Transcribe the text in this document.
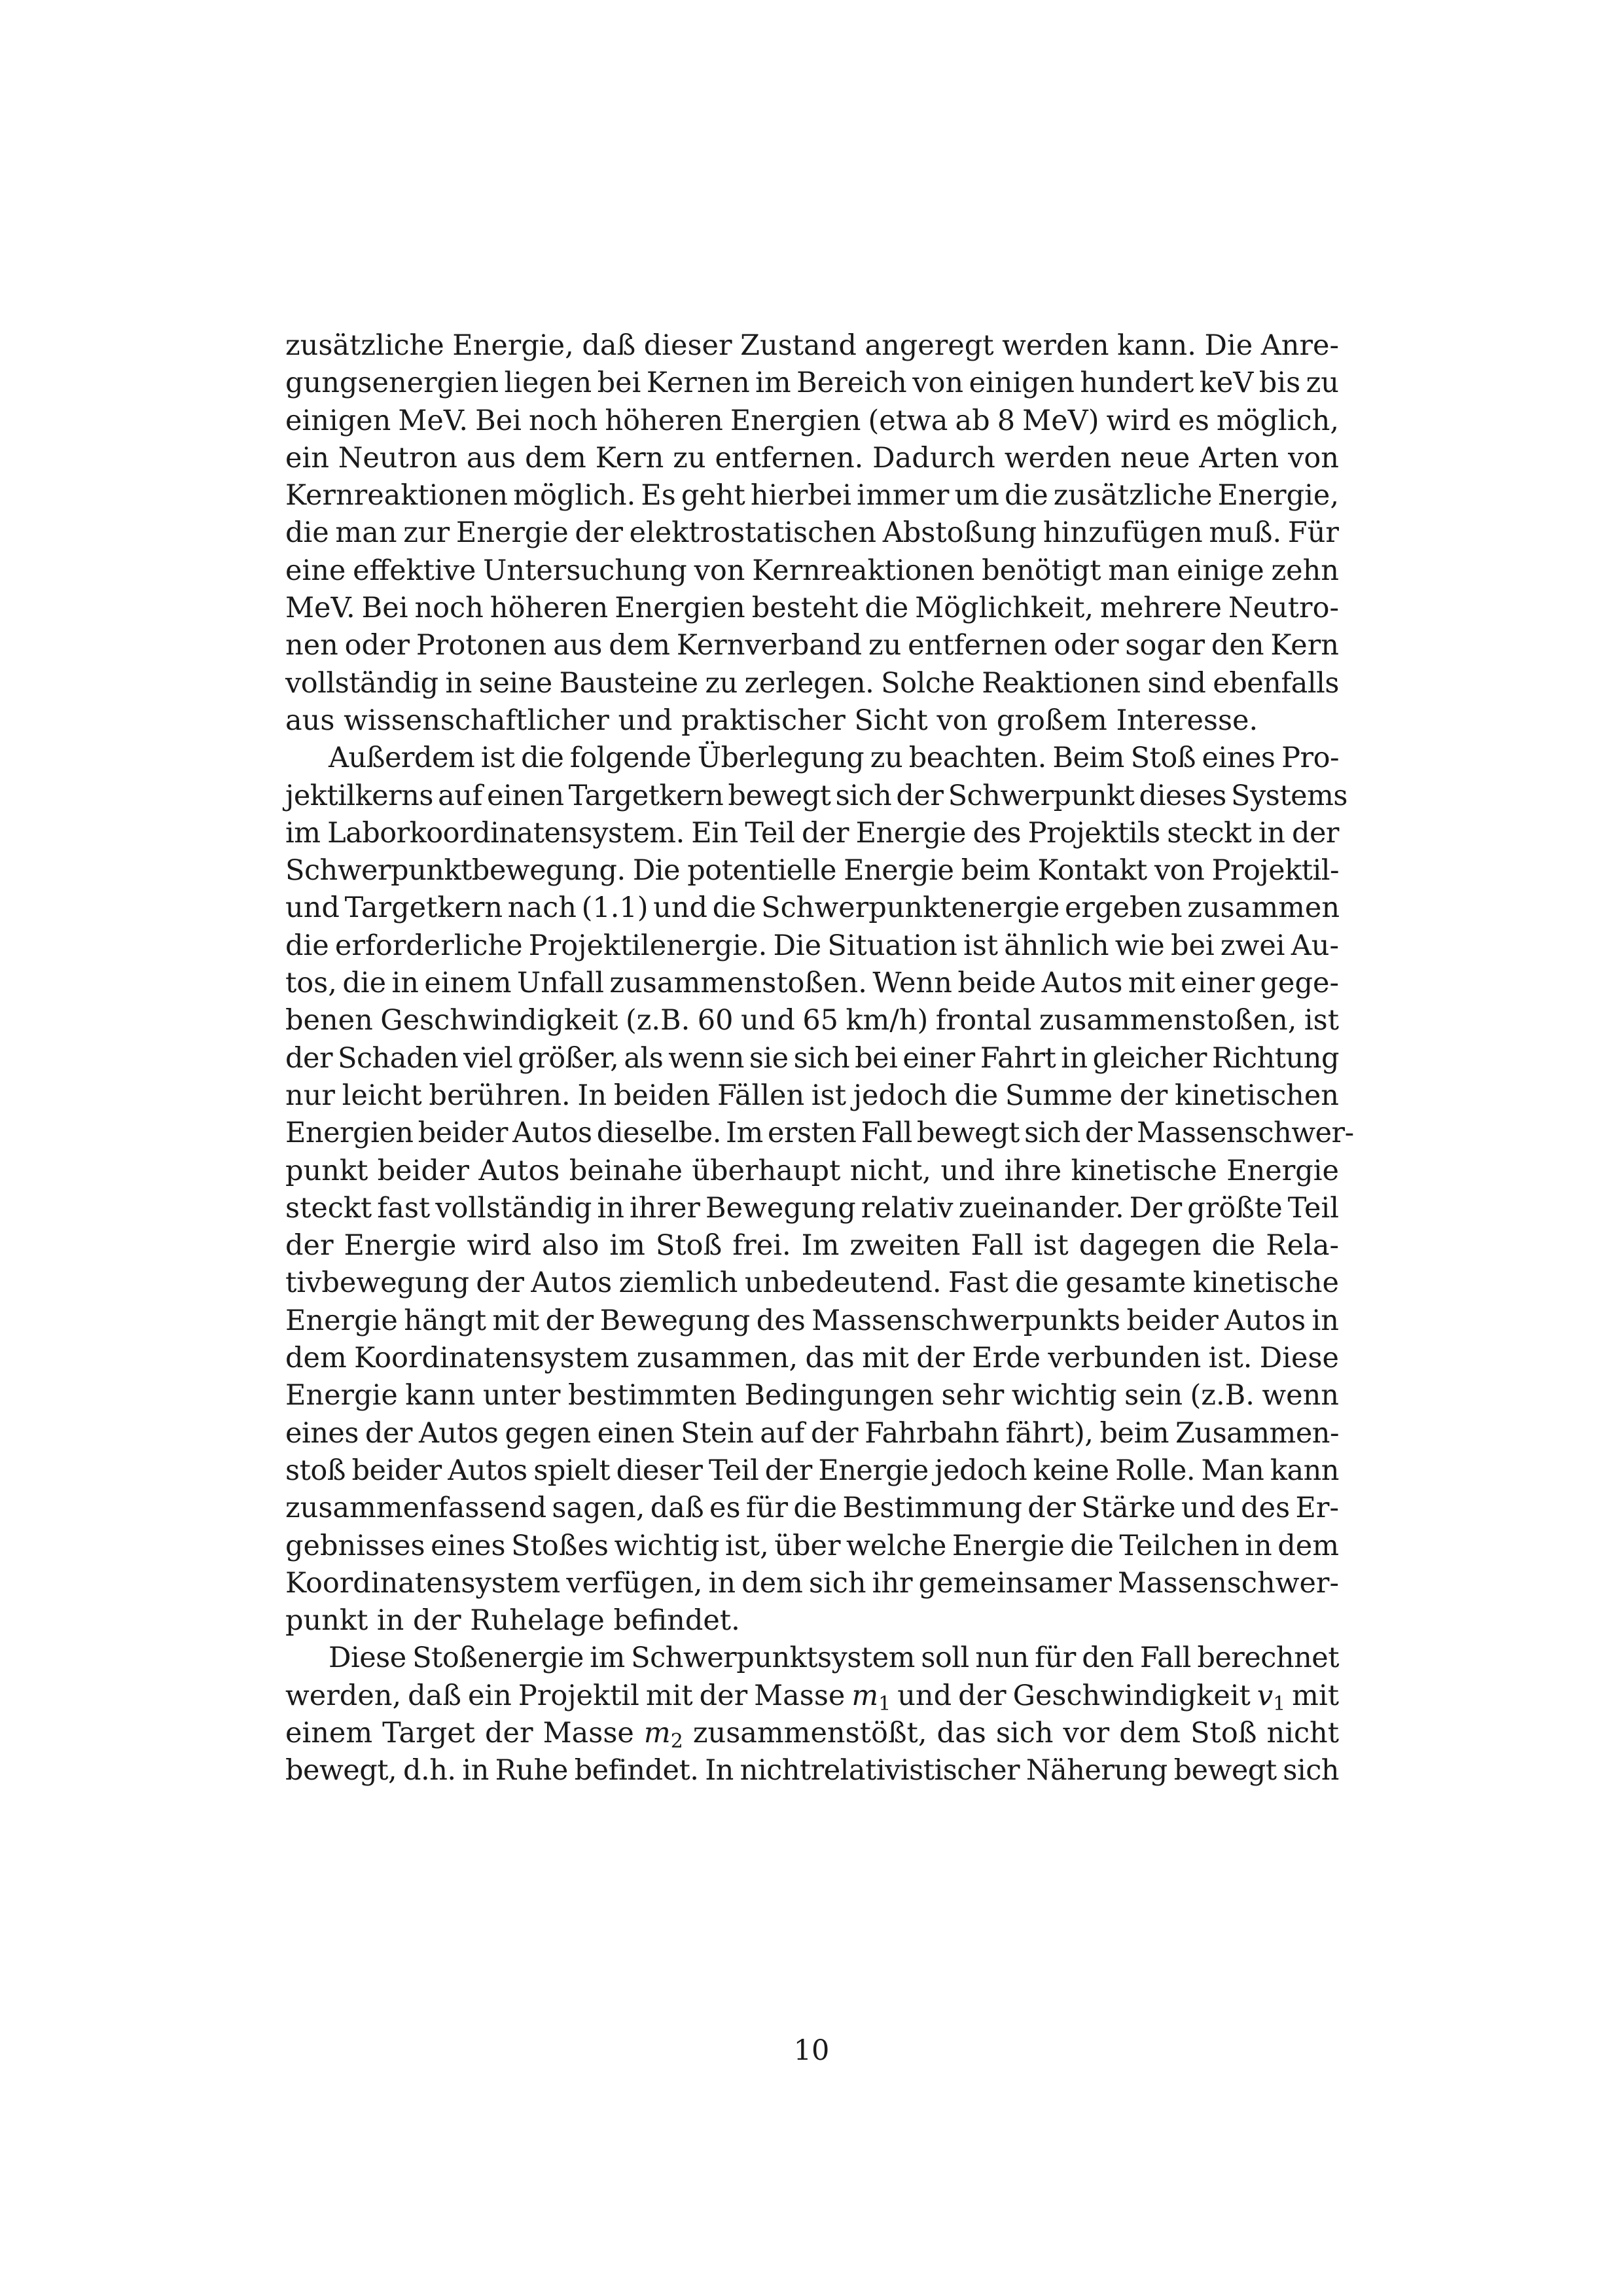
zusätzliche Energie, daß dieser Zustand angeregt werden kann. Die Anre-
gungsenergien liegen bei Kernen im Bereich von einigen hundert keV bis zu
einigen MeV. Bei noch höheren Energien (etwa ab 8 MeV) wird es möglich,
ein Neutron aus dem Kern zu entfernen. Dadurch werden neue Arten von
Kernreaktionen möglich. Es geht hierbei immer um die zusätzliche Energie,
die man zur Energie der elektrostatischen Abstoßung hinzufügen muß. Für
eine effektive Untersuchung von Kernreaktionen benötigt man einige zehn
MeV. Bei noch höheren Energien besteht die Möglichkeit, mehrere Neutro-
nen oder Protonen aus dem Kernverband zu entfernen oder sogar den Kern
vollständig in seine Bausteine zu zerlegen. Solche Reaktionen sind ebenfalls
aus wissenschaftlicher und praktischer Sicht von großem Interesse.
Außerdem ist die folgende Überlegung zu beachten. Beim Stoß eines Pro-
jektilkerns auf einen Targetkern bewegt sich der Schwerpunkt dieses Systems
im Laborkoordinatensystem. Ein Teil der Energie des Projektils steckt in der
Schwerpunktbewegung. Die potentielle Energie beim Kontakt von Projektil-
und Targetkern nach (1.1) und die Schwerpunktenergie ergeben zusammen
die erforderliche Projektilenergie. Die Situation ist ähnlich wie bei zwei Au-
tos, die in einem Unfall zusammenstoßen. Wenn beide Autos mit einer gege-
benen Geschwindigkeit (z.B. 60 und 65 km/h) frontal zusammenstoßen, ist
der Schaden viel größer, als wenn sie sich bei einer Fahrt in gleicher Richtung
nur leicht berühren. In beiden Fällen ist jedoch die Summe der kinetischen
Energien beider Autos dieselbe. Im ersten Fall bewegt sich der Massenschwer-
punkt beider Autos beinahe überhaupt nicht, und ihre kinetische Energie
steckt fast vollständig in ihrer Bewegung relativ zueinander. Der größte Teil
der Energie wird also im Stoß frei. Im zweiten Fall ist dagegen die Rela-
tivbewegung der Autos ziemlich unbedeutend. Fast die gesamte kinetische
Energie hängt mit der Bewegung des Massenschwerpunkts beider Autos in
dem Koordinatensystem zusammen, das mit der Erde verbunden ist. Diese
Energie kann unter bestimmten Bedingungen sehr wichtig sein (z.B. wenn
eines der Autos gegen einen Stein auf der Fahrbahn fährt), beim Zusammen-
stoß beider Autos spielt dieser Teil der Energie jedoch keine Rolle. Man kann
zusammenfassend sagen, daß es für die Bestimmung der Stärke und des Er-
gebnisses eines Stoßes wichtig ist, über welche Energie die Teilchen in dem
Koordinatensystem verfügen, in dem sich ihr gemeinsamer Massenschwer-
punkt in der Ruhelage befindet.
Diese Stoßenergie im Schwerpunktsystem soll nun für den Fall berechnet
werden, daß ein Projektil mit der Masse $m_1$ und der Geschwindigkeit $v_1$ mit
einem Target der Masse $m_2$ zusammenstößt, das sich vor dem Stoß nicht
bewegt, d.h. in Ruhe befindet. In nichtrelativistischer Näherung bewegt sich
10
